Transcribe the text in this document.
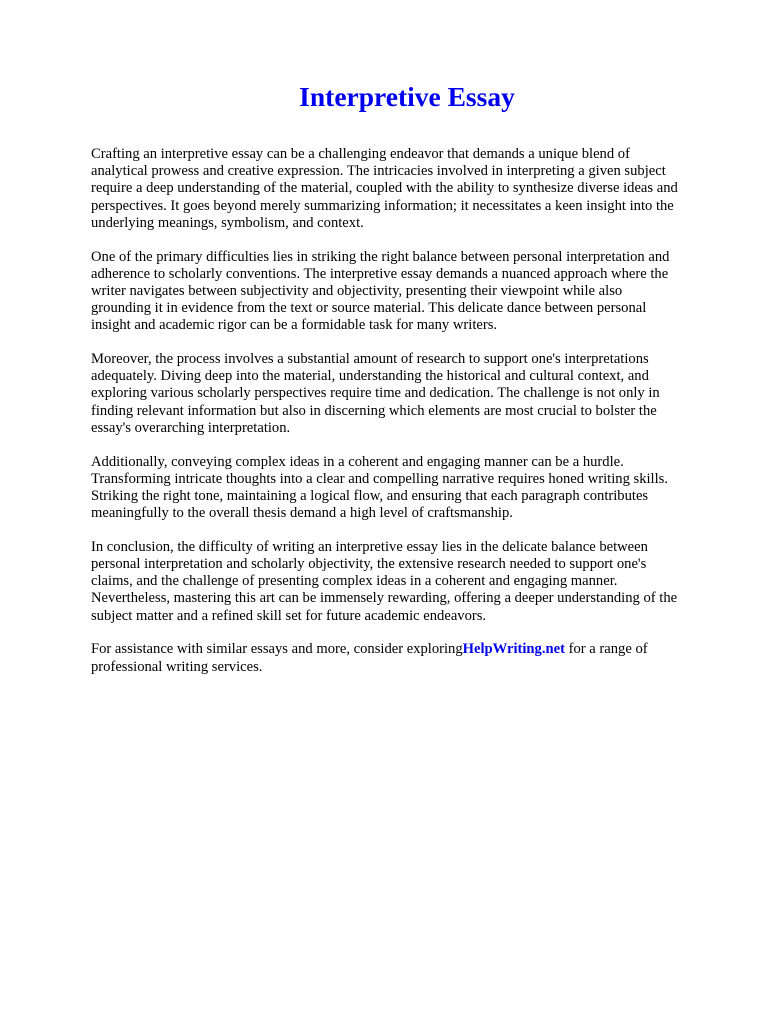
Interpretive Essay

Crafting an interpretive essay can be a challenging endeavor that demands a unique blend of
analytical prowess and creative expression. The intricacies involved in interpreting a given subject
require a deep understanding of the material, coupled with the ability to synthesize diverse ideas and
perspectives. It goes beyond merely summarizing information; it necessitates a keen insight into the
underlying meanings, symbolism, and context.

One of the primary difficulties lies in striking the right balance between personal interpretation and
adherence to scholarly conventions. The interpretive essay demands a nuanced approach where the
writer navigates between subjectivity and objectivity, presenting their viewpoint while also
grounding it in evidence from the text or source material. This delicate dance between personal
insight and academic rigor can be a formidable task for many writers.

Moreover, the process involves a substantial amount of research to support one's interpretations
adequately. Diving deep into the material, understanding the historical and cultural context, and
exploring various scholarly perspectives require time and dedication. The challenge is not only in
finding relevant information but also in discerning which elements are most crucial to bolster the
essay's overarching interpretation.

Additionally, conveying complex ideas in a coherent and engaging manner can be a hurdle.
Transforming intricate thoughts into a clear and compelling narrative requires honed writing skills.
Striking the right tone, maintaining a logical flow, and ensuring that each paragraph contributes
meaningfully to the overall thesis demand a high level of craftsmanship.

In conclusion, the difficulty of writing an interpretive essay lies in the delicate balance between
personal interpretation and scholarly objectivity, the extensive research needed to support one's
claims, and the challenge of presenting complex ideas in a coherent and engaging manner.
Nevertheless, mastering this art can be immensely rewarding, offering a deeper understanding of the
subject matter and a refined skill set for future academic endeavors.

For assistance with similar essays and more, consider exploringHelpWriting.net for a range of
professional writing services.
